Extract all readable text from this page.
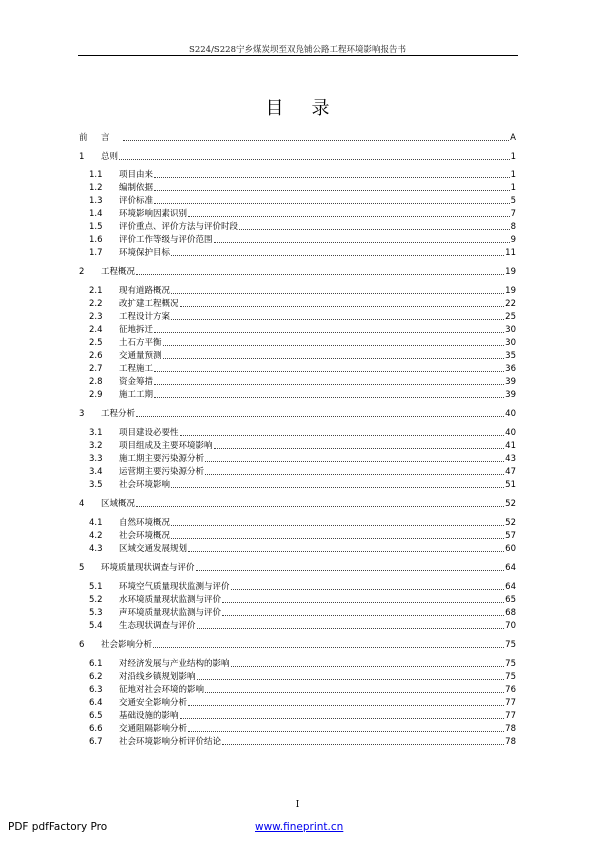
S224/S228宁乡煤炭坝至双凫铺公路工程环境影响报告书
目录
前	言	A
1	总则	1
1.1	项目由来	1
1.2	编制依据	1
1.3	评价标准	5
1.4	环境影响因素识别	7
1.5	评价重点、评价方法与评价时段	8
1.6	评价工作等级与评价范围	9
1.7	环境保护目标	11
2	工程概况	19
2.1	现有道路概况	19
2.2	改扩建工程概况	22
2.3	工程设计方案	25
2.4	征地拆迁	30
2.5	土石方平衡	30
2.6	交通量预测	35
2.7	工程施工	36
2.8	资金筹措	39
2.9	施工工期	39
3	工程分析	40
3.1	项目建设必要性	40
3.2	项目组成及主要环境影响	41
3.3	施工期主要污染源分析	43
3.4	运营期主要污染源分析	47
3.5	社会环境影响	51
4	区域概况	52
4.1	自然环境概况	52
4.2	社会环境概况	57
4.3	区域交通发展规划	60
5	环境质量现状调查与评价	64
5.1	环境空气质量现状监测与评价	64
5.2	水环境质量现状监测与评价	65
5.3	声环境质量现状监测与评价	68
5.4	生态现状调查与评价	70
6	社会影响分析	75
6.1	对经济发展与产业结构的影响	75
6.2	对沿线乡镇规划影响	75
6.3	征地对社会环境的影响	76
6.4	交通安全影响分析	77
6.5	基础设施的影响	77
6.6	交通阻隔影响分析	78
6.7	社会环境影响分析评价结论	78
I
PDF pdfFactory Pro	www.fineprint.cn
